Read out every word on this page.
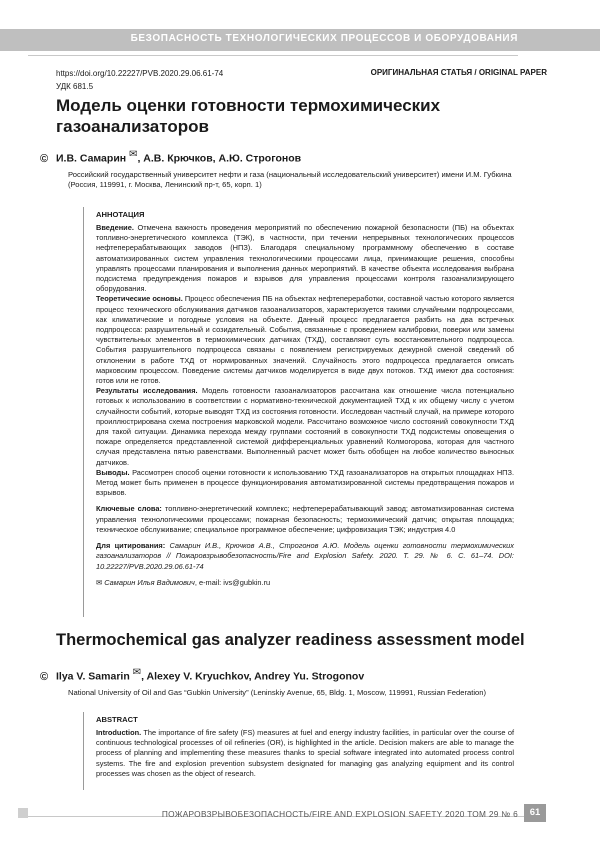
БЕЗОПАСНОСТЬ ТЕХНОЛОГИЧЕСКИХ ПРОЦЕССОВ И ОБОРУДОВАНИЯ
https://doi.org/10.22227/PVB.2020.29.06.61-74
УДК 681.5
ОРИГИНАЛЬНАЯ СТАТЬЯ / ORIGINAL PAPER
Модель оценки готовности термохимических газоанализаторов
© И.В. Самарин ✉, А.В. Крючков, А.Ю. Строгонов
Российский государственный университет нефти и газа (национальный исследовательский университет) имени И.М. Губкина (Россия, 119991, г. Москва, Ленинский пр-т, 65, корп. 1)
АННОТАЦИЯ

Введение. Отмечена важность проведения мероприятий по обеспечению пожарной безопасности (ПБ) на объектах топливно-энергетического комплекса (ТЭК), в частности, при течении непрерывных технологических процессов нефтеперерабатывающих заводов (НПЗ). Благодаря специальному программному обеспечению в составе автоматизированных систем управления технологическими процессами лица, принимающие решения, способны управлять процессами планирования и выполнения данных мероприятий. В качестве объекта исследования выбрана подсистема предупреждения пожаров и взрывов для управления процессами контроля газоанализирующего оборудования.

Теоретические основы. Процесс обеспечения ПБ на объектах нефтепереработки, составной частью которого является процесс технического обслуживания датчиков газоанализаторов, характеризуется такими случайными подпроцессами, как климатические и погодные условия на объекте. Данный процесс предлагается разбить на два встречных подпроцесса: разрушительный и созидательный. События, связанные с проведением калибровки, поверки или замены чувствительных элементов в термохимических датчиках (ТХД), составляют суть восстановительного подпроцесса. События разрушительного подпроцесса связаны с появлением регистрируемых дежурной сменой сведений об отклонении в работе ТХД от нормированных значений. Случайность этого подпроцесса предлагается описать марковским процессом. Поведение системы датчиков моделируется в виде двух потоков. ТХД имеют два состояния: готов или не готов.

Результаты исследования. Модель готовности газоанализаторов рассчитана как отношение числа потенциально готовых к использованию в соответствии с нормативно-технической документацией ТХД к их общему числу с учетом случайности событий, которые выводят ТХД из состояния готовности. Исследован частный случай, на примере которого проиллюстрирована схема построения марковской модели. Рассчитано возможное число состояний совокупности ТХД для такой ситуации. Динамика перехода между группами состояний в совокупности ТХД подсистемы оповещения о пожаре определяется представленной системой дифференциальных уравнений Колмогорова, которая для частного случая представлена пятью равенствами. Выполненный расчет может быть обобщен на любое количество выносных датчиков.

Выводы. Рассмотрен способ оценки готовности к использованию ТХД газоанализаторов на открытых площадках НПЗ. Метод может быть применен в процессе функционирования автоматизированной системы предотвращения пожаров и взрывов.

Ключевые слова: топливно-энергетический комплекс; нефтеперерабатывающий завод; автоматизированная система управления технологическими процессами; пожарная безопасность; термохимический датчик; открытая площадка; техническое обслуживание; специальное программное обеспечение; цифровизация ТЭК; индустрия 4.0

Для цитирования: Самарин И.В., Крючков А.В., Строгонов А.Ю. Модель оценки готовности термохимических газоанализаторов // Пожаровзрывобезопасность/Fire and Explosion Safety. 2020. Т. 29. № 6. С. 61–74. DOI: 10.22227/PVB.2020.29.06.61-74

✉ Самарин Илья Вадимович, e-mail: ivs@gubkin.ru
Thermochemical gas analyzer readiness assessment model
© Ilya V. Samarin ✉, Alexey V. Kryuchkov, Andrey Yu. Strogonov
National University of Oil and Gas “Gubkin University” (Leninskiy Avenue, 65, Bldg. 1, Moscow, 119991, Russian Federation)
ABSTRACT

Introduction. The importance of fire safety (FS) measures at fuel and energy industry facilities, in particular over the course of continuous technological processes of oil refineries (OR), is highlighted in the article. Decision makers are able to manage the process of planning and implementing these measures thanks to special software integrated into automated process control systems. The fire and explosion prevention subsystem designated for managing gas analyzing equipment and its control processes was chosen as the object of research.

ПОЖАРОВЗРЫВОБЕЗОПАСНОСТЬ/FIRE AND EXPLOSION SAFETY 2020 ТОМ 29 № 6	61
